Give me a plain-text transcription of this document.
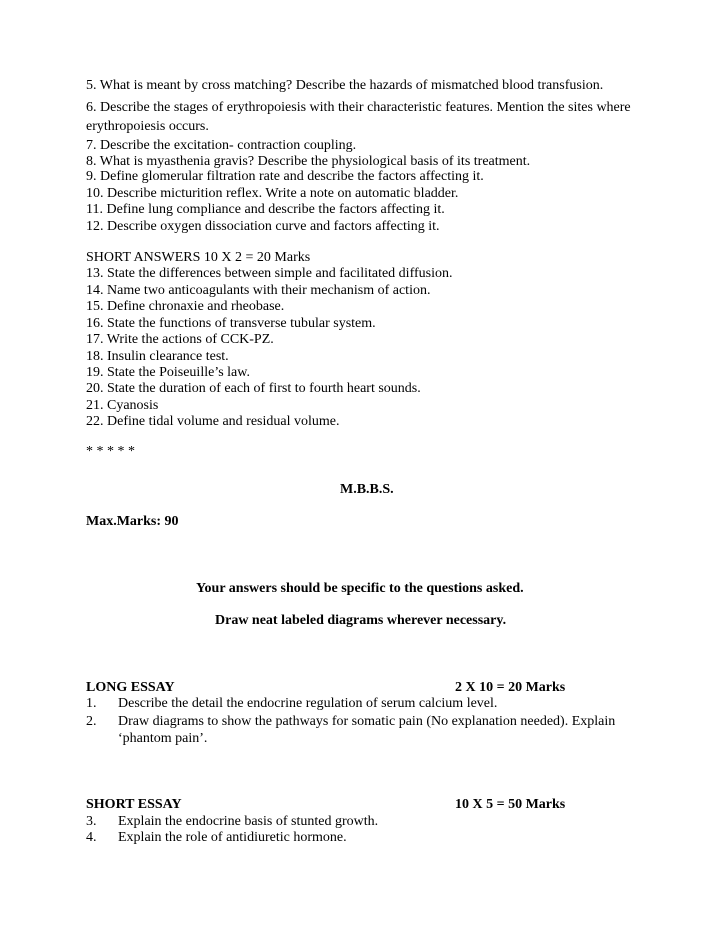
5. What is meant by cross matching? Describe the hazards of mismatched blood transfusion.
6. Describe the stages of erythropoiesis with their characteristic features. Mention the sites where
erythropoiesis occurs.
7. Describe the excitation- contraction coupling.
8. What is myasthenia gravis? Describe the physiological basis of its treatment.
9. Define glomerular filtration rate and describe the factors affecting it.
10. Describe micturition reflex. Write a note on automatic bladder.
11. Define lung compliance and describe the factors affecting it.
12. Describe oxygen dissociation curve and factors affecting it.
SHORT ANSWERS 10 X 2 = 20 Marks
13. State the differences between simple and facilitated diffusion.
14. Name two anticoagulants with their mechanism of action.
15. Define chronaxie and rheobase.
16. State the functions of transverse tubular system.
17. Write the actions of CCK-PZ.
18. Insulin clearance test.
19. State the Poiseuille’s law.
20. State the duration of each of first to fourth heart sounds.
21. Cyanosis
22. Define tidal volume and residual volume.
* * * * *
M.B.B.S.
Max.Marks: 90
Your answers should be specific to the questions asked.
Draw neat labeled diagrams wherever necessary.
LONG ESSAY	2 X 10 = 20 Marks
1. Describe the detail the endocrine regulation of serum calcium level.
2. Draw diagrams to show the pathways for somatic pain (No explanation needed). Explain
‘phantom pain’.
SHORT ESSAY	10 X 5 = 50 Marks
3. Explain the endocrine basis of stunted growth.
4. Explain the role of antidiuretic hormone.
